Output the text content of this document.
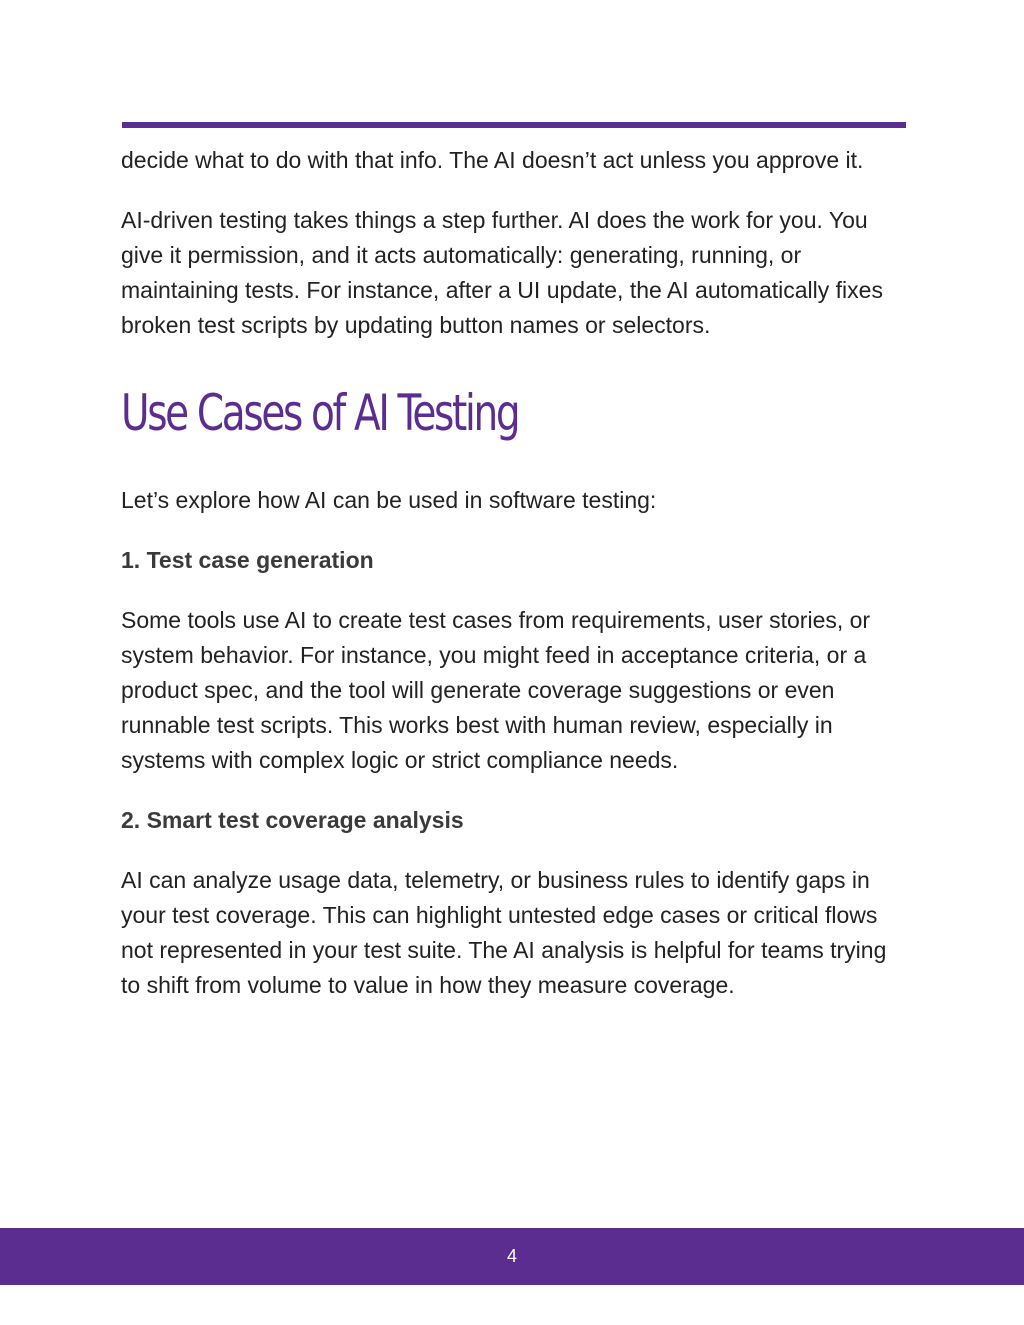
decide what to do with that info. The AI doesn’t act unless you approve it.

AI-driven testing takes things a step further. AI does the work for you. You give it permission, and it acts automatically: generating, running, or maintaining tests. For instance, after a UI update, the AI automatically fixes broken test scripts by updating button names or selectors.

Use Cases of AI Testing

Let’s explore how AI can be used in software testing:

1. Test case generation

Some tools use AI to create test cases from requirements, user stories, or system behavior. For instance, you might feed in acceptance criteria, or a product spec, and the tool will generate coverage suggestions or even runnable test scripts. This works best with human review, especially in systems with complex logic or strict compliance needs.

2. Smart test coverage analysis

AI can analyze usage data, telemetry, or business rules to identify gaps in your test coverage. This can highlight untested edge cases or critical flows not represented in your test suite. The AI analysis is helpful for teams trying to shift from volume to value in how they measure coverage.

4
